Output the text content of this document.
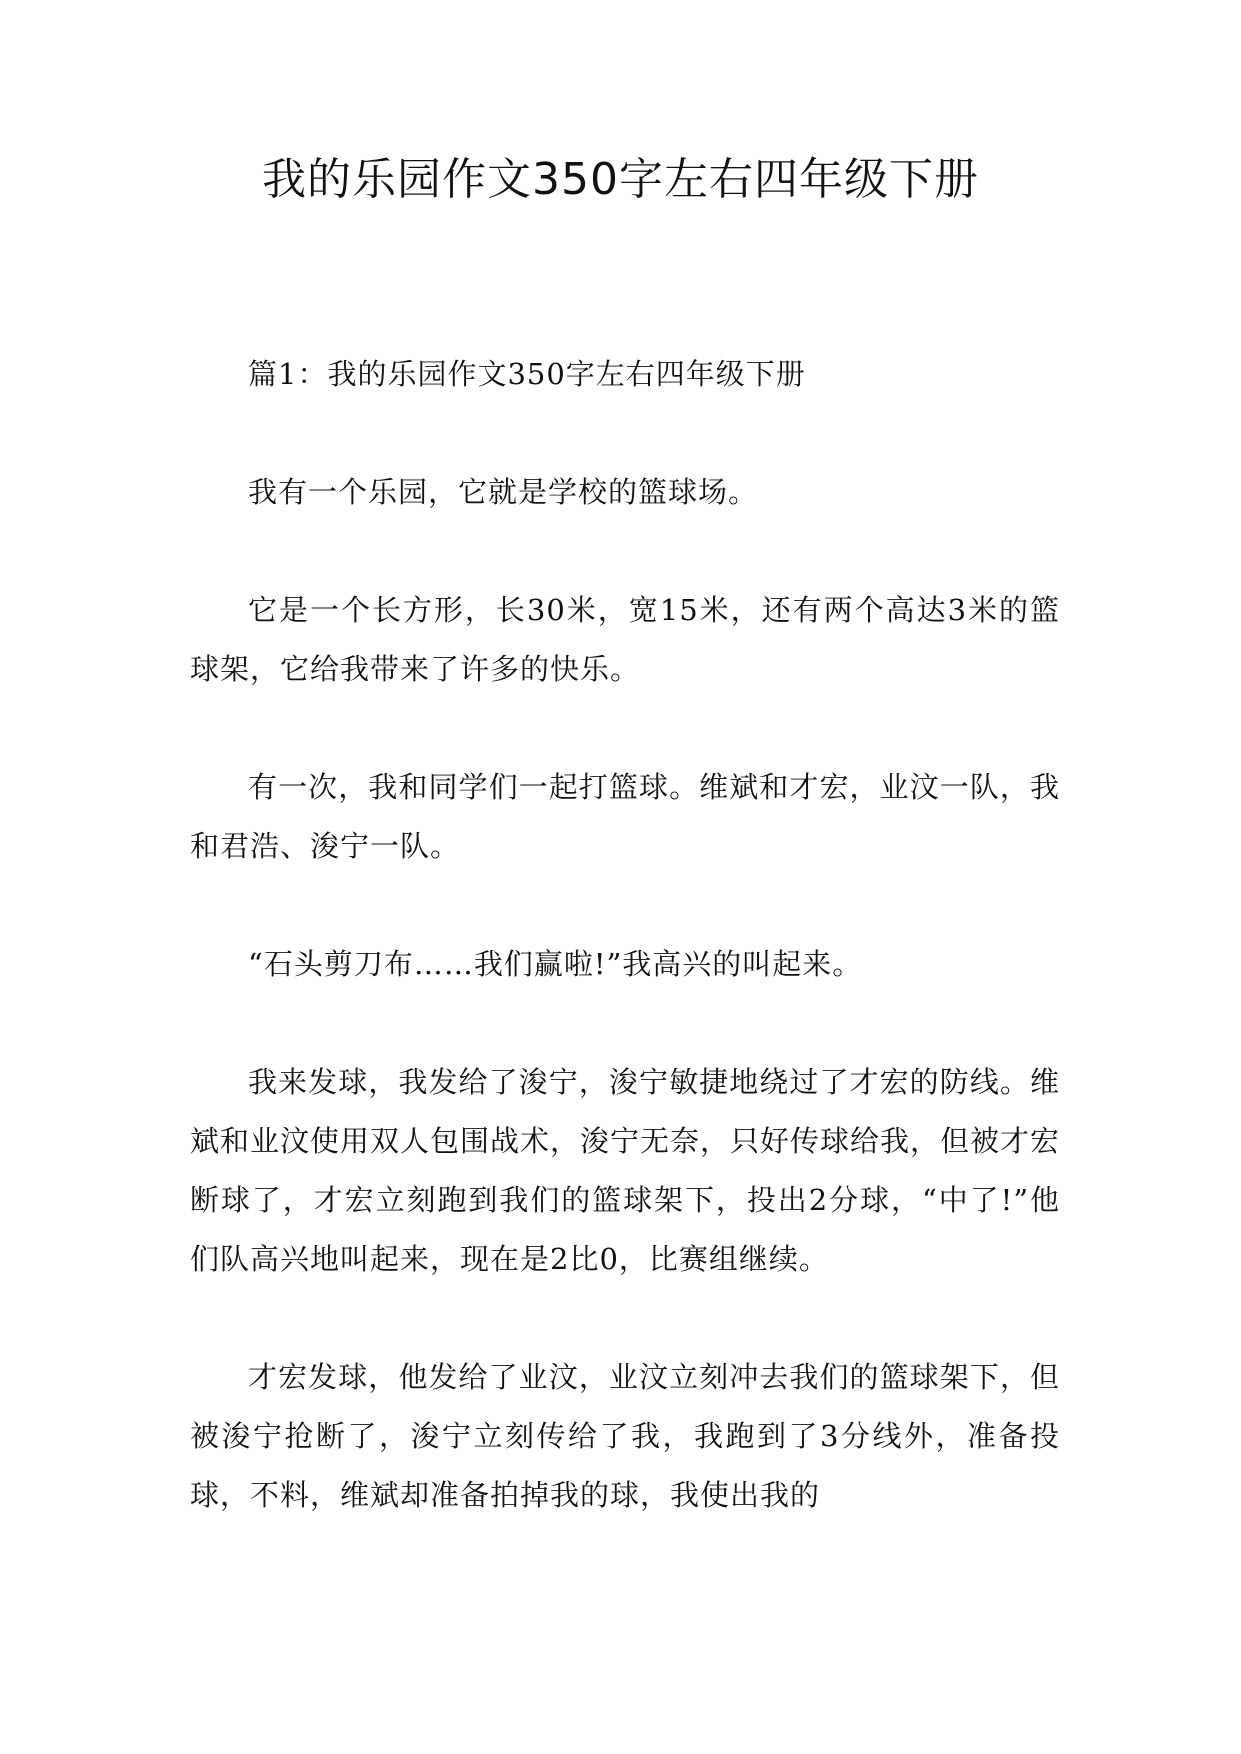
我的乐园作文350字左右四年级下册

篇1：我的乐园作文350字左右四年级下册

我有一个乐园，它就是学校的篮球场。

它是一个长方形，长30米，宽15米，还有两个高达3米的篮球架，它给我带来了许多的快乐。

有一次，我和同学们一起打篮球。维斌和才宏，业汶一队，我和君浩、浚宁一队。

“石头剪刀布……我们赢啦!”我高兴的叫起来。

我来发球，我发给了浚宁，浚宁敏捷地绕过了才宏的防线。维斌和业汶使用双人包围战术，浚宁无奈，只好传球给我，但被才宏断球了，才宏立刻跑到我们的篮球架下，投出2分球，“中了!”他们队高兴地叫起来，现在是2比0，比赛组继续。

才宏发球，他发给了业汶，业汶立刻冲去我们的篮球架下，但被浚宁抢断了，浚宁立刻传给了我，我跑到了3分线外，准备投球，不料，维斌却准备拍掉我的球，我使出我的
